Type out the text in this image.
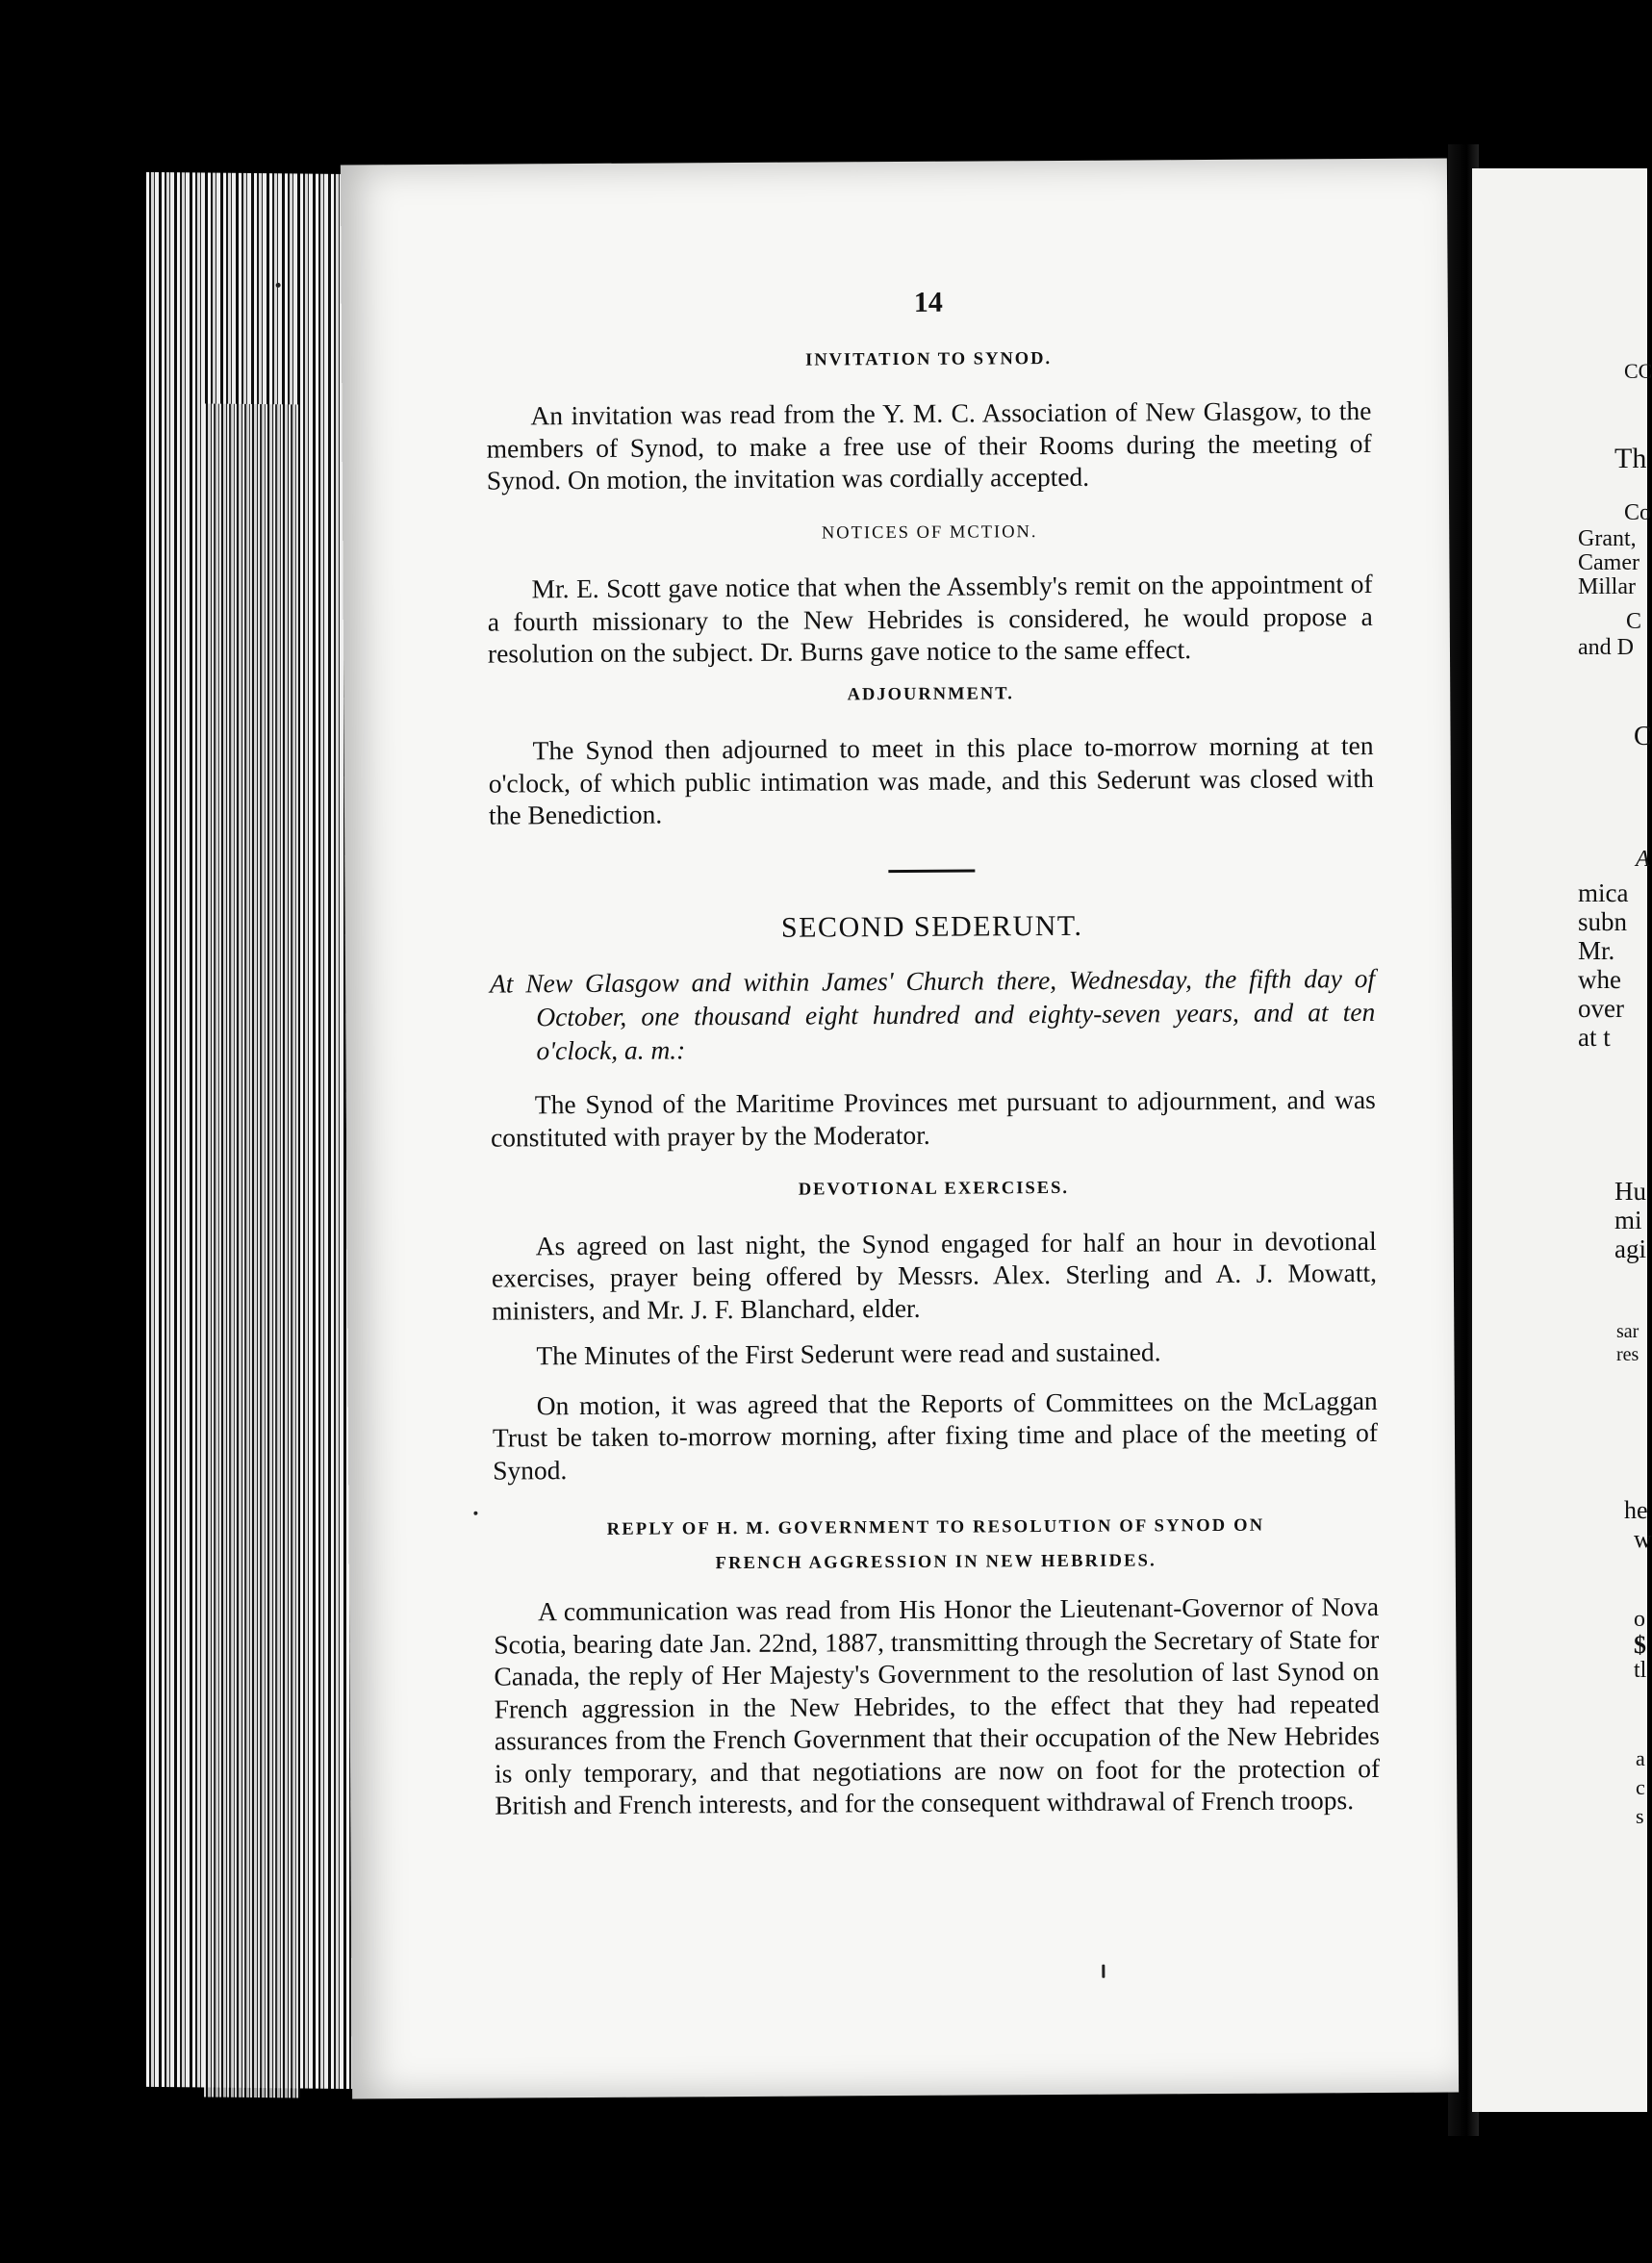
CC
Th
Co
Grant,
Camer
Millar
C
and D
C
A
mica
subn
Mr.
whe
over
at t
Hu
mi
agi
sar
res
he
w
o
$
tl
a
c
s
14
INVITATION TO SYNOD.

An invitation was read from the Y. M. C. Association of New Glasgow, to the members of Synod, to make a free use of their Rooms during the meeting of Synod. On motion, the invitation was cordially accepted.

NOTICES OF MCTION.

Mr. E. Scott gave notice that when the Assembly's remit on the appointment of a fourth missionary to the New Hebrides is considered, he would propose a resolution on the subject. Dr. Burns gave notice to the same effect.

ADJOURNMENT.

The Synod then adjourned to meet in this place to-morrow morning at ten o'clock, of which public intimation was made, and this Sederunt was closed with the Benediction.

SECOND SEDERUNT.
At New Glasgow and within James' Church there, Wednesday, the fifth day of October, one thousand eight hundred and eighty-seven years, and at ten o'clock, a. m.:

The Synod of the Maritime Provinces met pursuant to adjournment, and was constituted with prayer by the Moderator.

DEVOTIONAL EXERCISES.

As agreed on last night, the Synod engaged for half an hour in devotional exercises, prayer being offered by Messrs. Alex. Sterling and A. J. Mowatt, ministers, and Mr. J. F. Blanchard, elder.

The Minutes of the First Sederunt were read and sustained.

On motion, it was agreed that the Reports of Committees on the McLaggan Trust be taken to-morrow morning, after fixing time and place of the meeting of Synod.

REPLY OF H. M. GOVERNMENT TO RESOLUTION OF SYNOD ON
FRENCH AGGRESSION IN NEW HEBRIDES.

A communication was read from His Honor the Lieutenant-Governor of Nova Scotia, bearing date Jan. 22nd, 1887, transmitting through the Secretary of State for Canada, the reply of Her Majesty's Government to the resolution of last Synod on French aggression in the New Hebrides, to the effect that they had repeated assurances from the French Government that their occupation of the New Hebrides is only temporary, and that negotiations are now on foot for the protection of British and French interests, and for the consequent withdrawal of French troops.
